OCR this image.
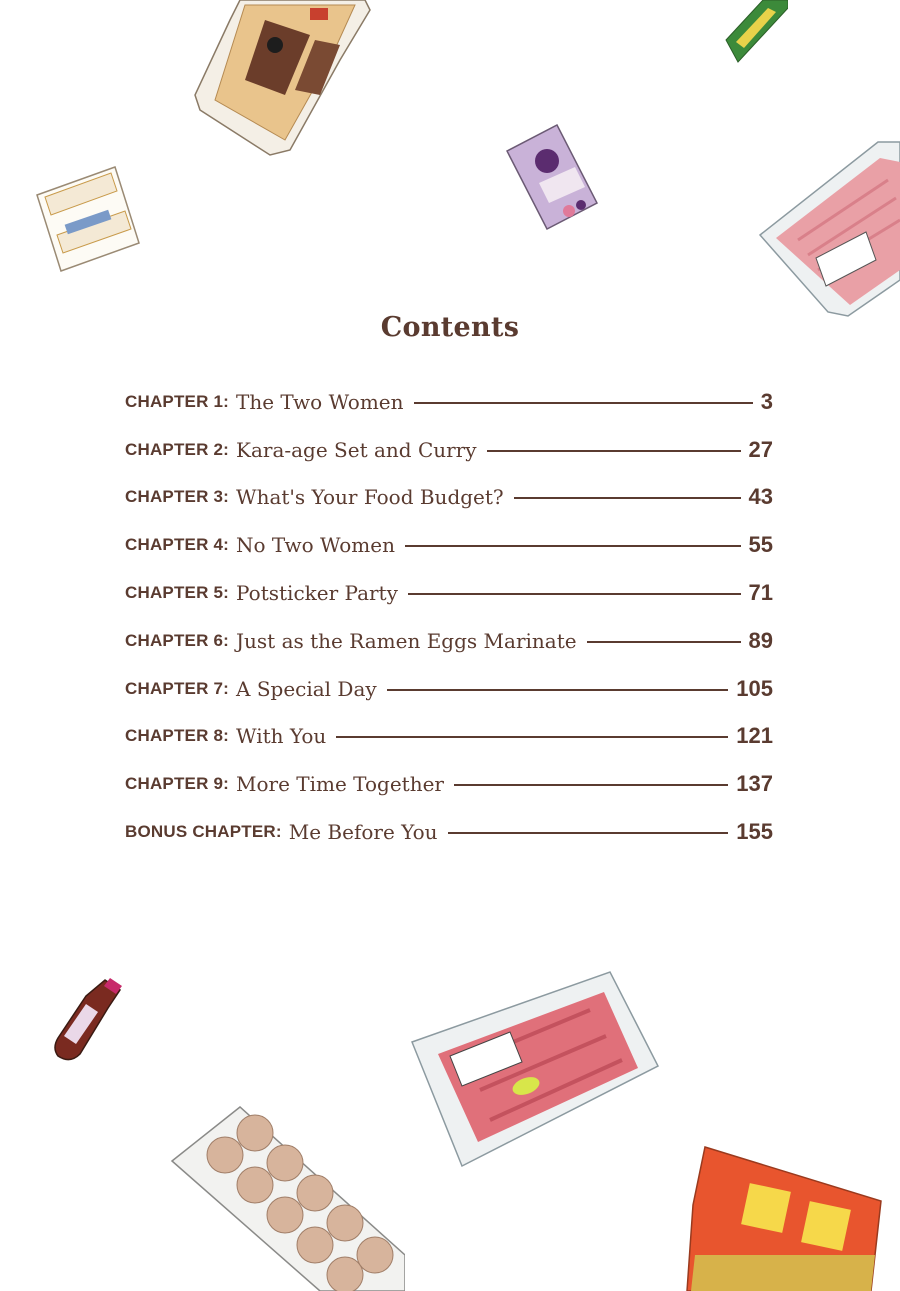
Contents
CHAPTER 1: The Two Women	3
CHAPTER 2: Kara-age Set and Curry	27
CHAPTER 3: What's Your Food Budget?	43
CHAPTER 4: No Two Women	55
CHAPTER 5: Potsticker Party	71
CHAPTER 6: Just as the Ramen Eggs Marinate	89
CHAPTER 7: A Special Day	105
CHAPTER 8: With You	121
CHAPTER 9: More Time Together	137
BONUS CHAPTER: Me Before You	155
